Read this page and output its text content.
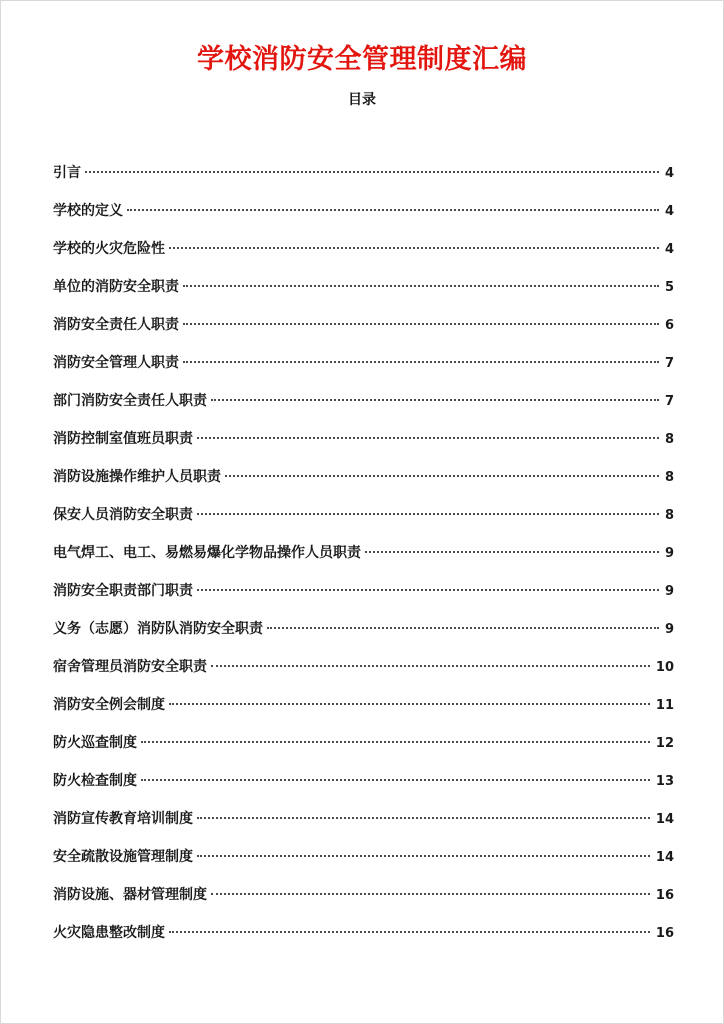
学校消防安全管理制度汇编
目录
引言	4
学校的定义	4
学校的火灾危险性	4
单位的消防安全职责	5
消防安全责任人职责	6
消防安全管理人职责	7
部门消防安全责任人职责	7
消防控制室值班员职责	8
消防设施操作维护人员职责	8
保安人员消防安全职责	8
电气焊工、电工、易燃易爆化学物品操作人员职责	9
消防安全职责部门职责	9
义务（志愿）消防队消防安全职责	9
宿舍管理员消防安全职责	10
消防安全例会制度	11
防火巡查制度	12
防火检查制度	13
消防宣传教育培训制度	14
安全疏散设施管理制度	14
消防设施、器材管理制度	16
火灾隐患整改制度	16
